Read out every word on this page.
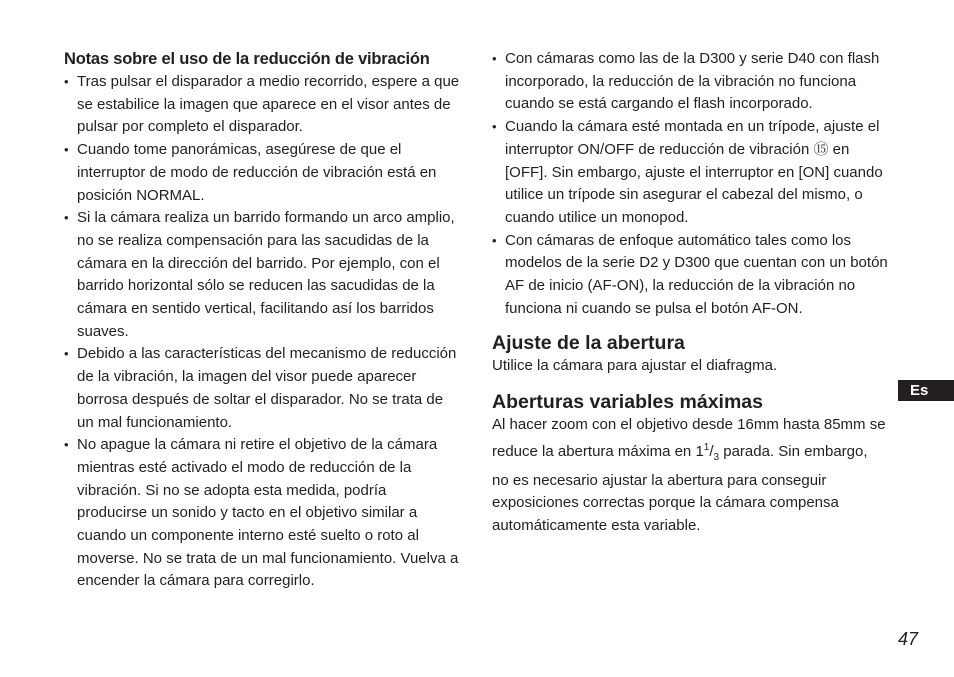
Notas sobre el uso de la reducción de vibración
• Tras pulsar el disparador a medio recorrido, espere a que se estabilice la imagen que aparece en el visor antes de pulsar por completo el disparador.
• Cuando tome panorámicas, asegúrese de que el interruptor de modo de reducción de vibración está en posición NORMAL.
• Si la cámara realiza un barrido formando un arco amplio, no se realiza compensación para las sacudidas de la cámara en la dirección del barrido. Por ejemplo, con el barrido horizontal sólo se reducen las sacudidas de la cámara en sentido vertical, facilitando así los barridos suaves.
• Debido a las características del mecanismo de reducción de la vibración, la imagen del visor puede aparecer borrosa después de soltar el disparador. No se trata de un mal funcionamiento.
• No apague la cámara ni retire el objetivo de la cámara mientras esté activado el modo de reducción de la vibración. Si no se adopta esta medida, podría producirse un sonido y tacto en el objetivo similar a cuando un componente interno esté suelto o roto al moverse. No se trata de un mal funcionamiento. Vuelva a encender la cámara para corregirlo.
• Con cámaras como las de la D300 y serie D40 con flash incorporado, la reducción de la vibración no funciona cuando se está cargando el flash incorporado.
• Cuando la cámara esté montada en un trípode, ajuste el interruptor ON/OFF de reducción de vibración ⑮ en [OFF]. Sin embargo, ajuste el interruptor en [ON] cuando utilice un trípode sin asegurar el cabezal del mismo, o cuando utilice un monopod.
• Con cámaras de enfoque automático tales como los modelos de la serie D2 y D300 que cuentan con un botón AF de inicio (AF-ON), la reducción de la vibración no funciona ni cuando se pulsa el botón AF-ON.
Ajuste de la abertura

Utilice la cámara para ajustar el diafragma.

Aberturas variables máximas

Al hacer zoom con el objetivo desde 16mm hasta 85mm se reduce la abertura máxima en $1^1/_3$ parada. Sin embargo, no es necesario ajustar la abertura para conseguir exposiciones correctas porque la cámara compensa automáticamente esta variable.

Es
47
